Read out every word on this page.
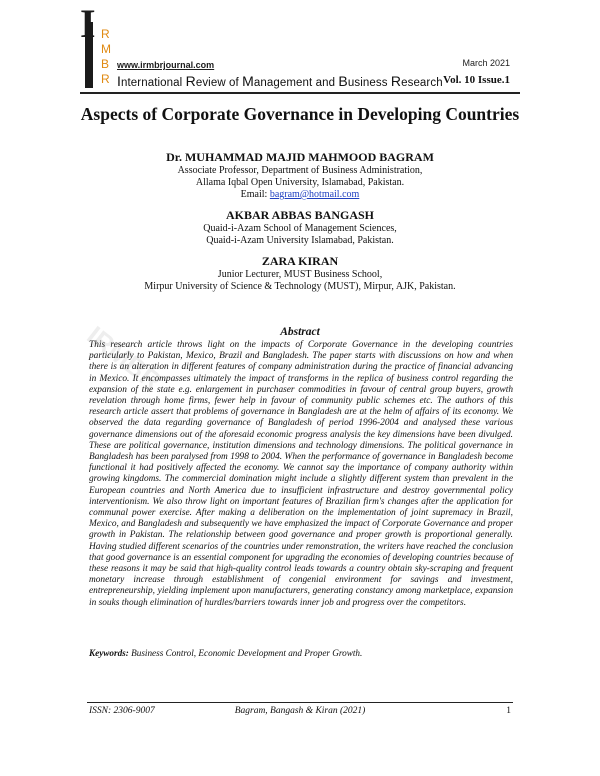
I R
M
B
R
www.irmbrjournal.com	March 2021
International Review of Management and Business Research Vol. 10 Issue.1
Aspects of Corporate Governance in Developing Countries
Dr. MUHAMMAD MAJID MAHMOOD BAGRAM
Associate Professor, Department of Business Administration,
Allama Iqbal Open University, Islamabad, Pakistan.
Email: bagram@hotmail.com
AKBAR ABBAS BANGASH
Quaid-i-Azam School of Management Sciences,
Quaid-i-Azam University Islamabad, Pakistan.
ZARA KIRAN
Junior Lecturer, MUST Business School,
Mirpur University of Science & Technology (MUST), Mirpur, AJK, Pakistan.
IRMBR	Abstract
This research article throws light on the impacts of Corporate Governance in the developing countries particularly to Pakistan, Mexico, Brazil and Bangladesh. The paper starts with discussions on how and when there is an alteration in different features of company administration during the practice of financial advancing in Mexico. It encompasses ultimately the impact of transforms in the replica of business control regarding the expansion of the state e.g. enlargement in purchaser commodities in favour of central group buyers, growth revelation through home firms, fewer help in favour of community public schemes etc. The authors of this research article assert that problems of governance in Bangladesh are at the helm of affairs of its economy. We observed the data regarding governance of Bangladesh of period 1996-2004 and analysed these various governance dimensions out of the aforesaid economic progress analysis the key dimensions have been divulged. These are political governance, institution dimensions and technology dimensions. The political governance in Bangladesh has been paralysed from 1998 to 2004. When the performance of governance in Bangladesh become functional it had positively affected the economy. We cannot say the importance of company authority within growing kingdoms. The commercial domination might include a slightly different system than prevalent in the European countries and North America due to insufficient infrastructure and destroy governmental policy interventionism. We also throw light on important features of Brazilian firm's changes after the application for communal power exercise. After making a deliberation on the implementation of joint supremacy in Brazil, Mexico, and Bangladesh and subsequently we have emphasized the impact of Corporate Governance and proper growth in Pakistan. The relationship between good governance and proper growth is proportional generally. Having studied different scenarios of the countries under remonstration, the writers have reached the conclusion that good governance is an essential component for upgrading the economies of developing countries because of these reasons it may be said that high-quality control leads towards a country obtain sky-scraping and frequent monetary increase through establishment of congenial environment for savings and investment, entrepreneurship, yielding implement upon manufacturers, generating constancy among marketplace, expansion in souks though elimination of hurdles/barriers towards inner job and progress over the competitors.
Keywords: Business Control, Economic Development and Proper Growth.
ISSN: 2306-9007	Bagram, Bangash & Kiran (2021)	1
